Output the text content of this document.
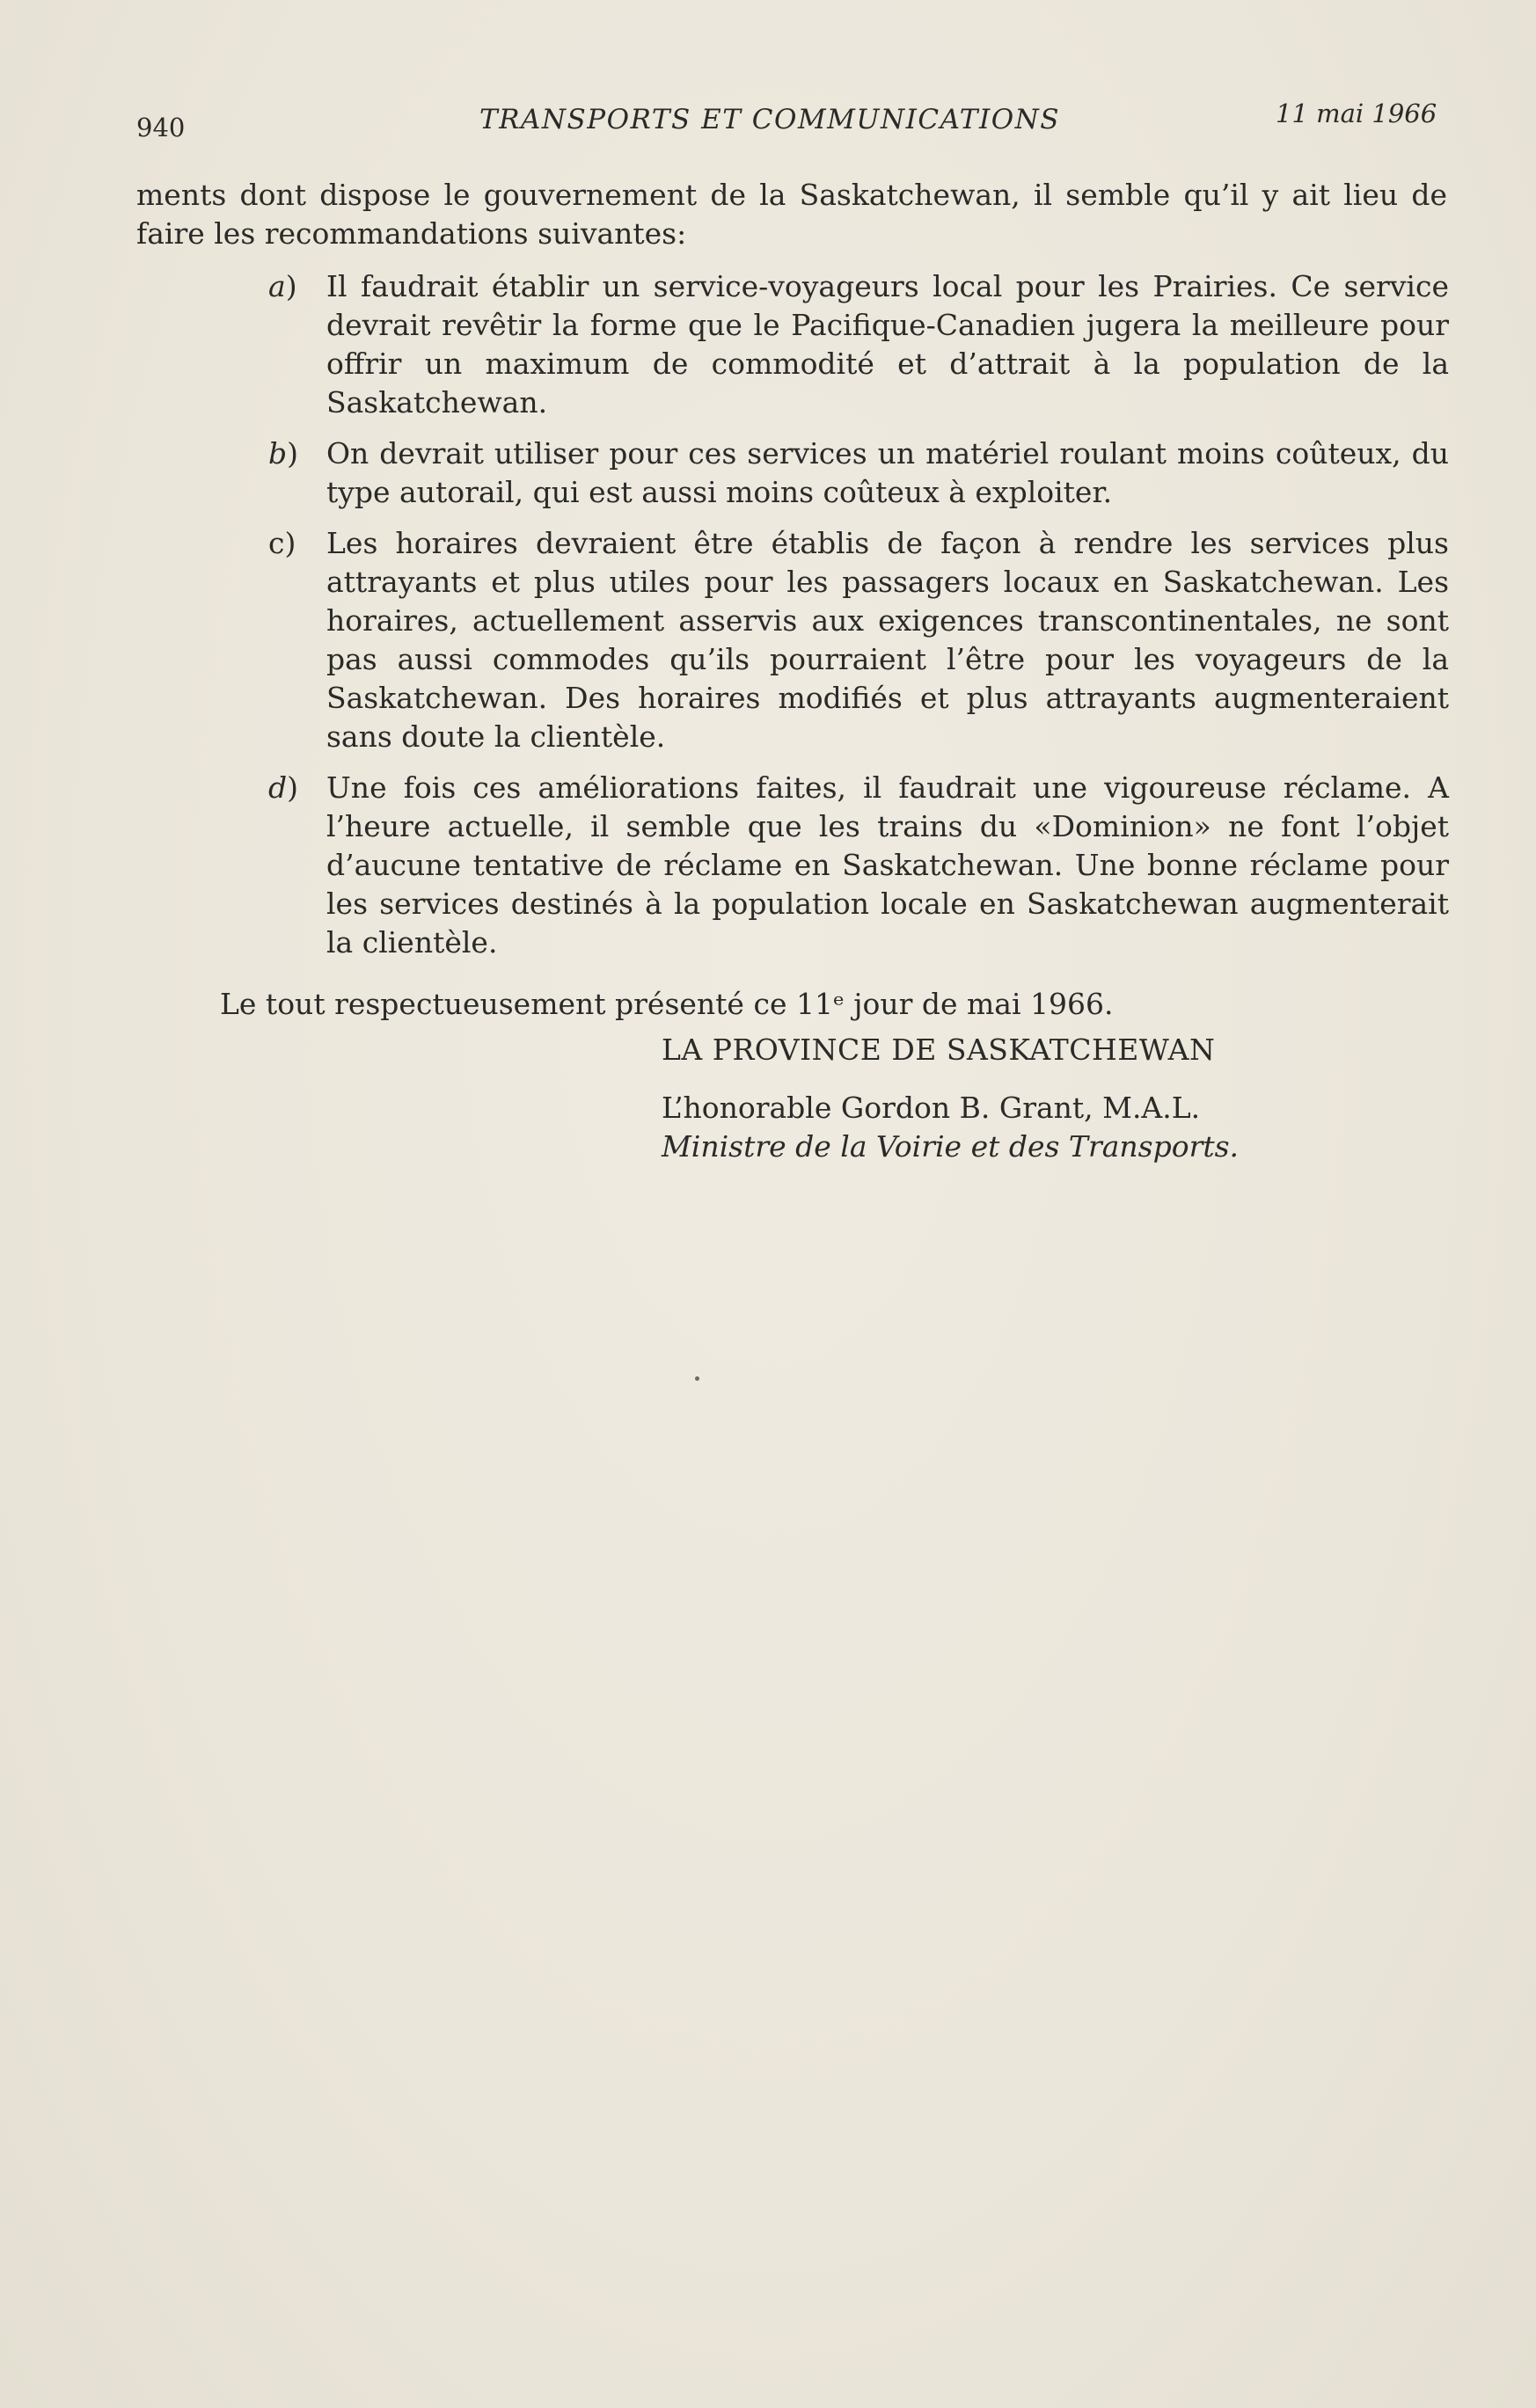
940	TRANSPORTS ET COMMUNICATIONS	11 mai 1966

ments dont dispose le gouvernement de la Saskatchewan, il semble qu’il y ait lieu de faire les recommandations suivantes:

a) Il faudrait établir un service-voyageurs local pour les Prairies. Ce service devrait revêtir la forme que le Pacifique-Canadien jugera la meilleure pour offrir un maximum de commodité et d’attrait à la population de la Saskatchewan.

b) On devrait utiliser pour ces services un matériel roulant moins coûteux, du type autorail, qui est aussi moins coûteux à exploiter.

c) Les horaires devraient être établis de façon à rendre les services plus attrayants et plus utiles pour les passagers locaux en Saskatchewan. Les horaires, actuellement asservis aux exigences transcontinentales, ne sont pas aussi commodes qu’ils pourraient l’être pour les voyageurs de la Saskatchewan. Des horaires modifiés et plus attrayants augmenteraient sans doute la clientèle.

d) Une fois ces améliorations faites, il faudrait une vigoureuse réclame. A l’heure actuelle, il semble que les trains du «Dominion» ne font l’objet d’aucune tentative de réclame en Saskatchewan. Une bonne réclame pour les services destinés à la population locale en Saskatchewan augmenterait la clientèle.

Le tout respectueusement présenté ce 11ᵉ jour de mai 1966.

LA PROVINCE DE SASKATCHEWAN
L’honorable Gordon B. Grant, M.A.L.
Ministre de la Voirie et des Transports.
